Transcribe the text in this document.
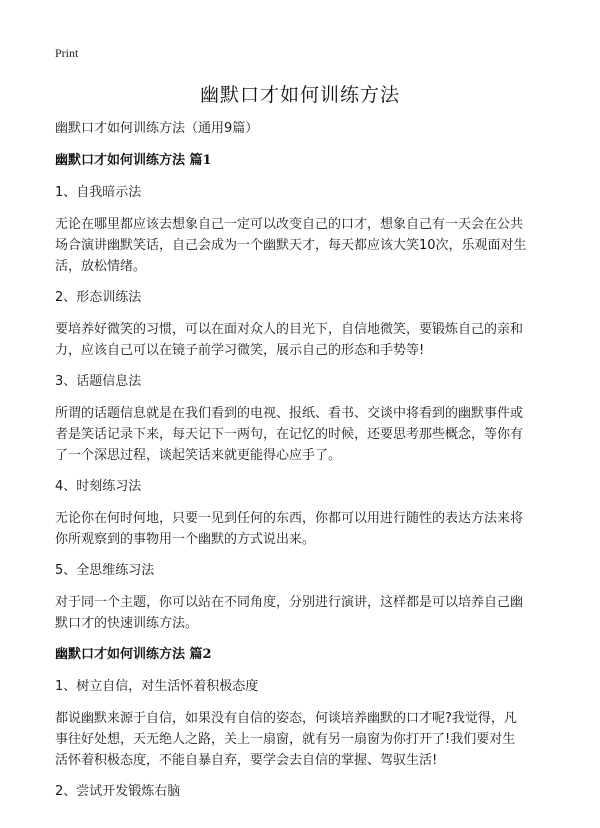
Print
幽默口才如何训练方法

幽默口才如何训练方法（通用9篇）

幽默口才如何训练方法 篇1

1、自我暗示法

无论在哪里都应该去想象自己一定可以改变自己的口才，想象自己有一天会在公共

场合演讲幽默笑话，自己会成为一个幽默天才，每天都应该大笑10次，乐观面对生

活，放松情绪。

2、形态训练法

要培养好微笑的习惯，可以在面对众人的目光下，自信地微笑，要锻炼自己的亲和

力，应该自己可以在镜子前学习微笑，展示自己的形态和手势等!

3、话题信息法

所谓的话题信息就是在我们看到的电视、报纸、看书、交谈中将看到的幽默事件或

者是笑话记录下来，每天记下一两句，在记忆的时候，还要思考那些概念，等你有

了一个深思过程，谈起笑话来就更能得心应手了。

4、时刻练习法

无论你在何时何地，只要一见到任何的东西，你都可以用进行随性的表达方法来将

你所观察到的事物用一个幽默的方式说出来。

5、全思维练习法

对于同一个主题，你可以站在不同角度，分别进行演讲，这样都是可以培养自己幽

默口才的快速训练方法。

幽默口才如何训练方法 篇2

1、树立自信，对生活怀着积极态度

都说幽默来源于自信，如果没有自信的姿态，何谈培养幽默的口才呢?我觉得，凡

事往好处想，天无绝人之路，关上一扇窗，就有另一扇窗为你打开了!我们要对生

活怀着积极态度，不能自暴自弃，要学会去自信的掌握、驾驭生活!

2、尝试开发锻炼右脑
